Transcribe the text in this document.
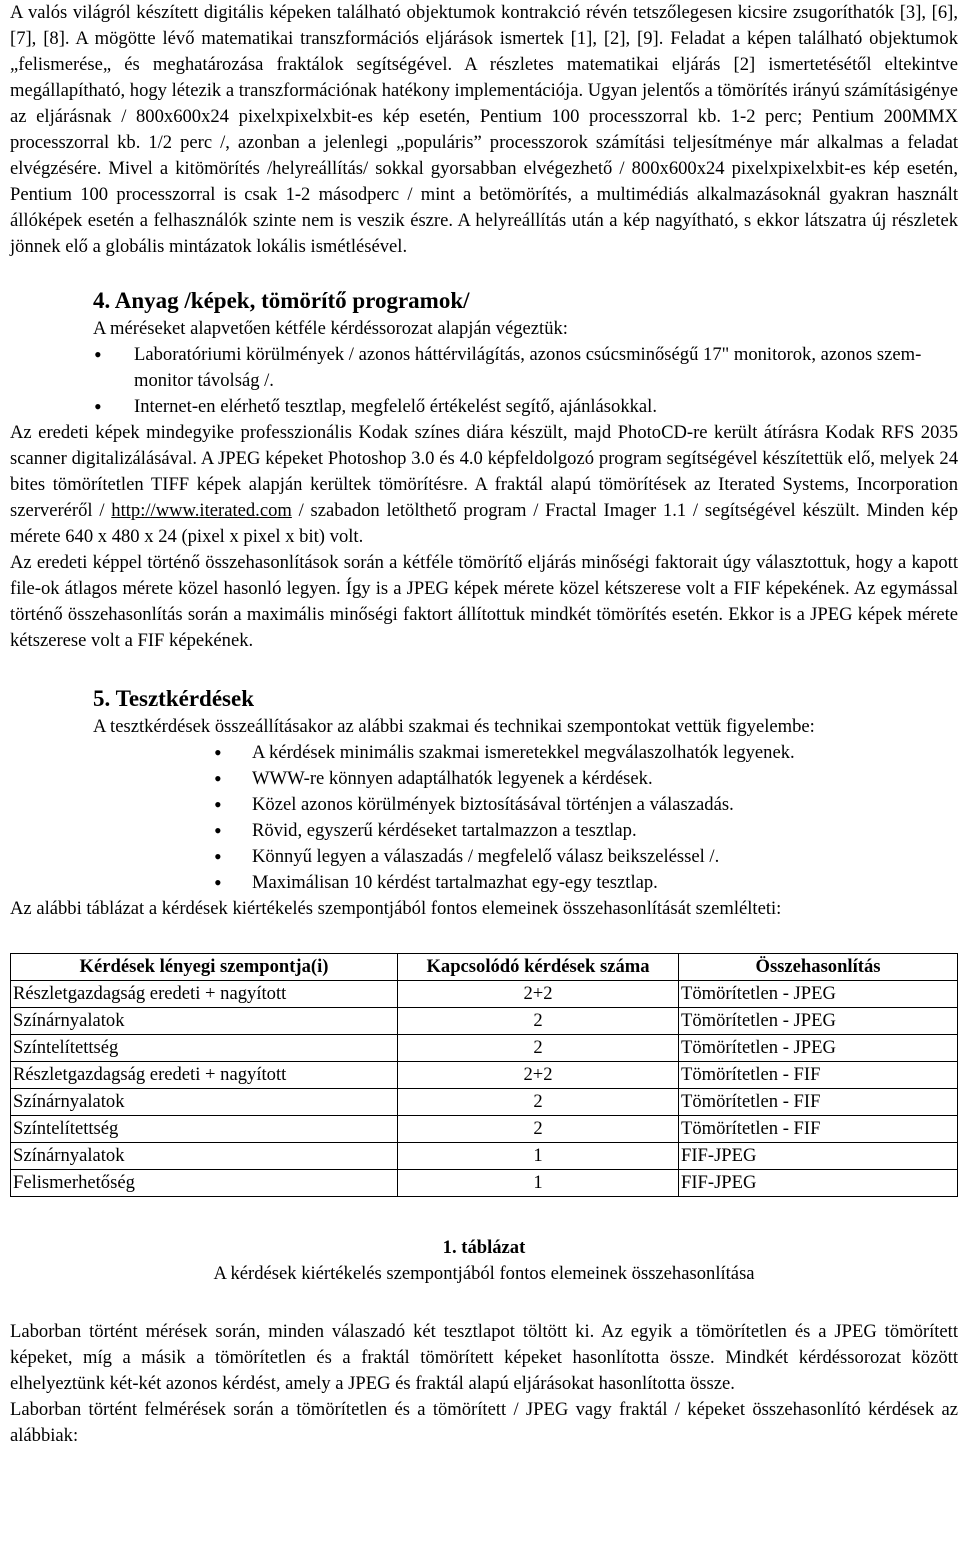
A valós világról készített digitális képeken található objektumok kontrakció révén tetszőlegesen kicsire zsugoríthatók [3], [6], [7], [8]. A mögötte lévő matematikai transzformációs eljárások ismertek [1], [2], [9]. Feladat a képen található objektumok „felismerése„ és meghatározása fraktálok segítségével. A részletes matematikai eljárás [2] ismertetésétől eltekintve megállapítható, hogy létezik a transzformációnak hatékony implementációja. Ugyan jelentős a tömörítés irányú számításigénye az eljárásnak / 800x600x24 pixelxpixelxbit-es kép esetén, Pentium 100 processzorral kb. 1-2 perc; Pentium 200MMX processzorral kb. 1/2 perc /, azonban a jelenlegi „populáris” processzorok számítási teljesítménye már alkalmas a feladat elvégzésére. Mivel a kitömörítés /helyreállítás/ sokkal gyorsabban elvégezhető / 800x600x24 pixelxpixelxbit-es kép esetén, Pentium 100 processzorral is csak 1-2 másodperc / mint a betömörítés, a multimédiás alkalmazásoknál gyakran használt állóképek esetén a felhasználók szinte nem is veszik észre. A helyreállítás után a kép nagyítható, s ekkor látszatra új részletek jönnek elő a globális mintázatok lokális ismétlésével.

4. Anyag /képek, tömörítő programok/

A méréseket alapvetően kétféle kérdéssorozat alapján végeztük:

• Laboratóriumi körülmények / azonos háttérvilágítás, azonos csúcsminőségű 17" monitorok, azonos szem-monitor távolság /.
• Internet-en elérhető tesztlap, megfelelő értékelést segítő, ajánlásokkal.

Az eredeti képek mindegyike professzionális Kodak színes diára készült, majd PhotoCD-re került átírásra Kodak RFS 2035 scanner digitalizálásával. A JPEG képeket Photoshop 3.0 és 4.0 képfeldolgozó program segítségével készítettük elő, melyek 24 bites tömörítetlen TIFF képek alapján kerültek tömörítésre. A fraktál alapú tömörítések az Iterated Systems, Incorporation szerveréről / http://www.iterated.com / szabadon letölthető program / Fractal Imager 1.1 / segítségével készült. Minden kép mérete 640 x 480 x 24 (pixel x pixel x bit) volt.

Az eredeti képpel történő összehasonlítások során a kétféle tömörítő eljárás minőségi faktorait úgy választottuk, hogy a kapott file-ok átlagos mérete közel hasonló legyen. Így is a JPEG képek mérete közel kétszerese volt a FIF képekének. Az egymással történő összehasonlítás során a maximális minőségi faktort állítottuk mindkét tömörítés esetén. Ekkor is a JPEG képek mérete kétszerese volt a FIF képekének.

5. Tesztkérdések

A tesztkérdések összeállításakor az alábbi szakmai és technikai szempontokat vettük figyelembe:

• A kérdések minimális szakmai ismeretekkel megválaszolhatók legyenek.
• WWW-re könnyen adaptálhatók legyenek a kérdések.
• Közel azonos körülmények biztosításával történjen a válaszadás.
• Rövid, egyszerű kérdéseket tartalmazzon a tesztlap.
• Könnyű legyen a válaszadás / megfelelő válasz beikszeléssel /.
• Maximálisan 10 kérdést tartalmazhat egy-egy tesztlap.

Az alábbi táblázat a kérdések kiértékelés szempontjából fontos elemeinek összehasonlítását szemlélteti:

Kérdések lényegi szempontja(i)	Kapcsolódó kérdések száma	Összehasonlítás
Részletgazdagság eredeti + nagyított	2+2	Tömörítetlen - JPEG
Színárnyalatok	2	Tömörítetlen - JPEG
Színtelítettség	2	Tömörítetlen - JPEG
Részletgazdagság eredeti + nagyított	2+2	Tömörítetlen - FIF
Színárnyalatok	2	Tömörítetlen - FIF
Színtelítettség	2	Tömörítetlen - FIF
Színárnyalatok	1	FIF-JPEG
Felismerhetőség	1	FIF-JPEG
1. táblázat
A kérdések kiértékelés szempontjából fontos elemeinek összehasonlítása

Laborban történt mérések során, minden válaszadó két tesztlapot töltött ki. Az egyik a tömörítetlen és a JPEG tömörített képeket, míg a másik a tömörítetlen és a fraktál tömörített képeket hasonlította össze. Mindkét kérdéssorozat között elhelyeztünk két-két azonos kérdést, amely a JPEG és fraktál alapú eljárásokat hasonlította össze.

Laborban történt felmérések során a tömörítetlen és a tömörített / JPEG vagy fraktál / képeket összehasonlító kérdések az alábbiak:
